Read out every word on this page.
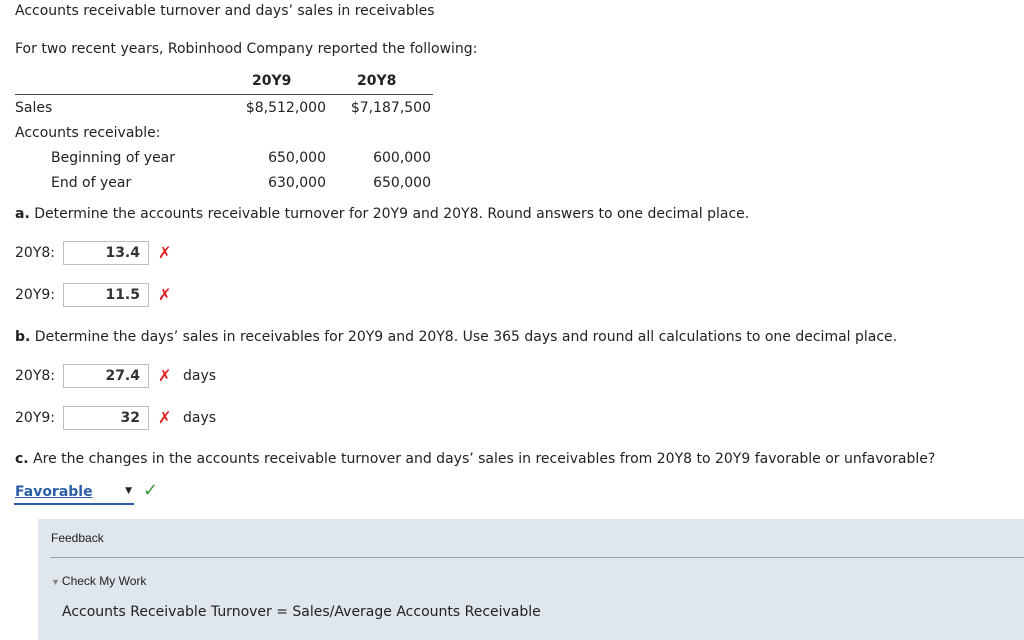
Accounts receivable turnover and days’ sales in receivables
For two recent years, Robinhood Company reported the following:
20Y9	20Y8
Sales	$8,512,000	$7,187,500
Accounts receivable:
Beginning of year	650,000	600,000
End of year	630,000	650,000
a. Determine the accounts receivable turnover for 20Y9 and 20Y8. Round answers to one decimal place.
20Y8:	13.4	✗
20Y9:	11.5	✗
b. Determine the days’ sales in receivables for 20Y9 and 20Y8. Use 365 days and round all calculations to one decimal place.
20Y8:	27.4	✗ days
20Y9:	32	✗ days
c. Are the changes in the accounts receivable turnover and days’ sales in receivables from 20Y8 to 20Y9 favorable or unfavorable?
Favorable	▼ ✓
Feedback
▼ Check My Work
Accounts Receivable Turnover = Sales/Average Accounts Receivable
